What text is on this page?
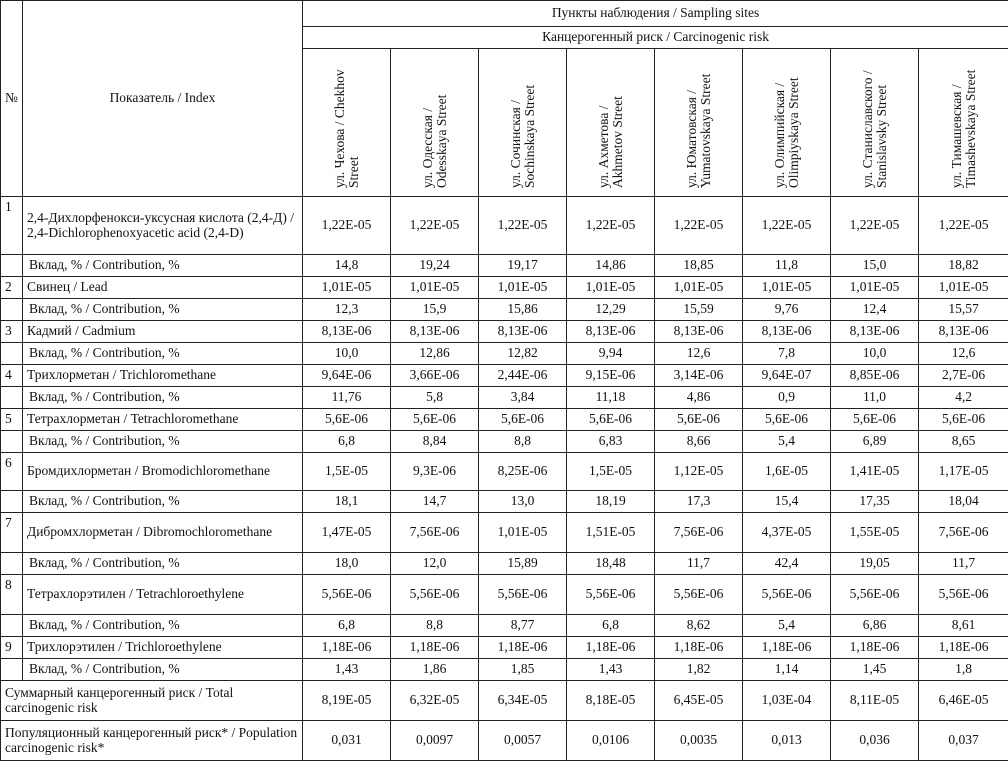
№	Показатель / Index	Пункты наблюдения / Sampling sites							
		Канцерогенный риск / Carcinogenic risk							
		ул. Чехова / Chekhov Street	ул. Одесская / Odesskaya Street	ул. Сочинская / Sochinskaya Street	ул. Ахметова / Akhmetov Street	ул. Юматовская / Yumatovskaya Street	ул. Олимпийская / Olimpiyskaya Street	ул. Станиславского / Stanislavsky Street	ул. Тимашевская / Timashevskaya Street
1	2,4-Дихлорфенокси-уксусная кислота (2,4-Д) / 2,4-Dichlorophenoxyacetic acid (2,4-D)	1,22E-05	1,22E-05	1,22E-05	1,22E-05	1,22E-05	1,22E-05	1,22E-05	1,22E-05
	Вклад, % / Contribution, %	14,8	19,24	19,17	14,86	18,85	11,8	15,0	18,82
2	Свинец / Lead	1,01E-05	1,01E-05	1,01E-05	1,01E-05	1,01E-05	1,01E-05	1,01E-05	1,01E-05
	Вклад, % / Contribution, %	12,3	15,9	15,86	12,29	15,59	9,76	12,4	15,57
3	Кадмий / Cadmium	8,13E-06	8,13E-06	8,13E-06	8,13E-06	8,13E-06	8,13E-06	8,13E-06	8,13E-06
	Вклад, % / Contribution, %	10,0	12,86	12,82	9,94	12,6	7,8	10,0	12,6
4	Трихлорметан / Trichloromethane	9,64E-06	3,66E-06	2,44E-06	9,15E-06	3,14E-06	9,64E-07	8,85E-06	2,7E-06
	Вклад, % / Contribution, %	11,76	5,8	3,84	11,18	4,86	0,9	11,0	4,2
5	Тетрахлорметан / Tetrachloromethane	5,6E-06	5,6E-06	5,6E-06	5,6E-06	5,6E-06	5,6E-06	5,6E-06	5,6E-06
	Вклад, % / Contribution, %	6,8	8,84	8,8	6,83	8,66	5,4	6,89	8,65
6	Бромдихлорметан / Bromodichloromethane	1,5E-05	9,3E-06	8,25E-06	1,5E-05	1,12E-05	1,6E-05	1,41E-05	1,17E-05
	Вклад, % / Contribution, %	18,1	14,7	13,0	18,19	17,3	15,4	17,35	18,04
7	Дибромхлорметан / Dibromochloromethane	1,47E-05	7,56E-06	1,01E-05	1,51E-05	7,56E-06	4,37E-05	1,55E-05	7,56E-06
	Вклад, % / Contribution, %	18,0	12,0	15,89	18,48	11,7	42,4	19,05	11,7
8	Тетрахлорэтилен / Tetrachloroethylene	5,56E-06	5,56E-06	5,56E-06	5,56E-06	5,56E-06	5,56E-06	5,56E-06	5,56E-06
	Вклад, % / Contribution, %	6,8	8,8	8,77	6,8	8,62	5,4	6,86	8,61
9	Трихлорэтилен / Trichloroethylene	1,18E-06	1,18E-06	1,18E-06	1,18E-06	1,18E-06	1,18E-06	1,18E-06	1,18E-06
	Вклад, % / Contribution, %	1,43	1,86	1,85	1,43	1,82	1,14	1,45	1,8
Суммарный канцерогенный риск / Total carcinogenic risk		8,19E-05	6,32E-05	6,34E-05	8,18E-05	6,45E-05	1,03E-04	8,11E-05	6,46E-05
Популяционный канцерогенный риск* / Population carcinogenic risk*		0,031	0,0097	0,0057	0,0106	0,0035	0,013	0,036	0,037
